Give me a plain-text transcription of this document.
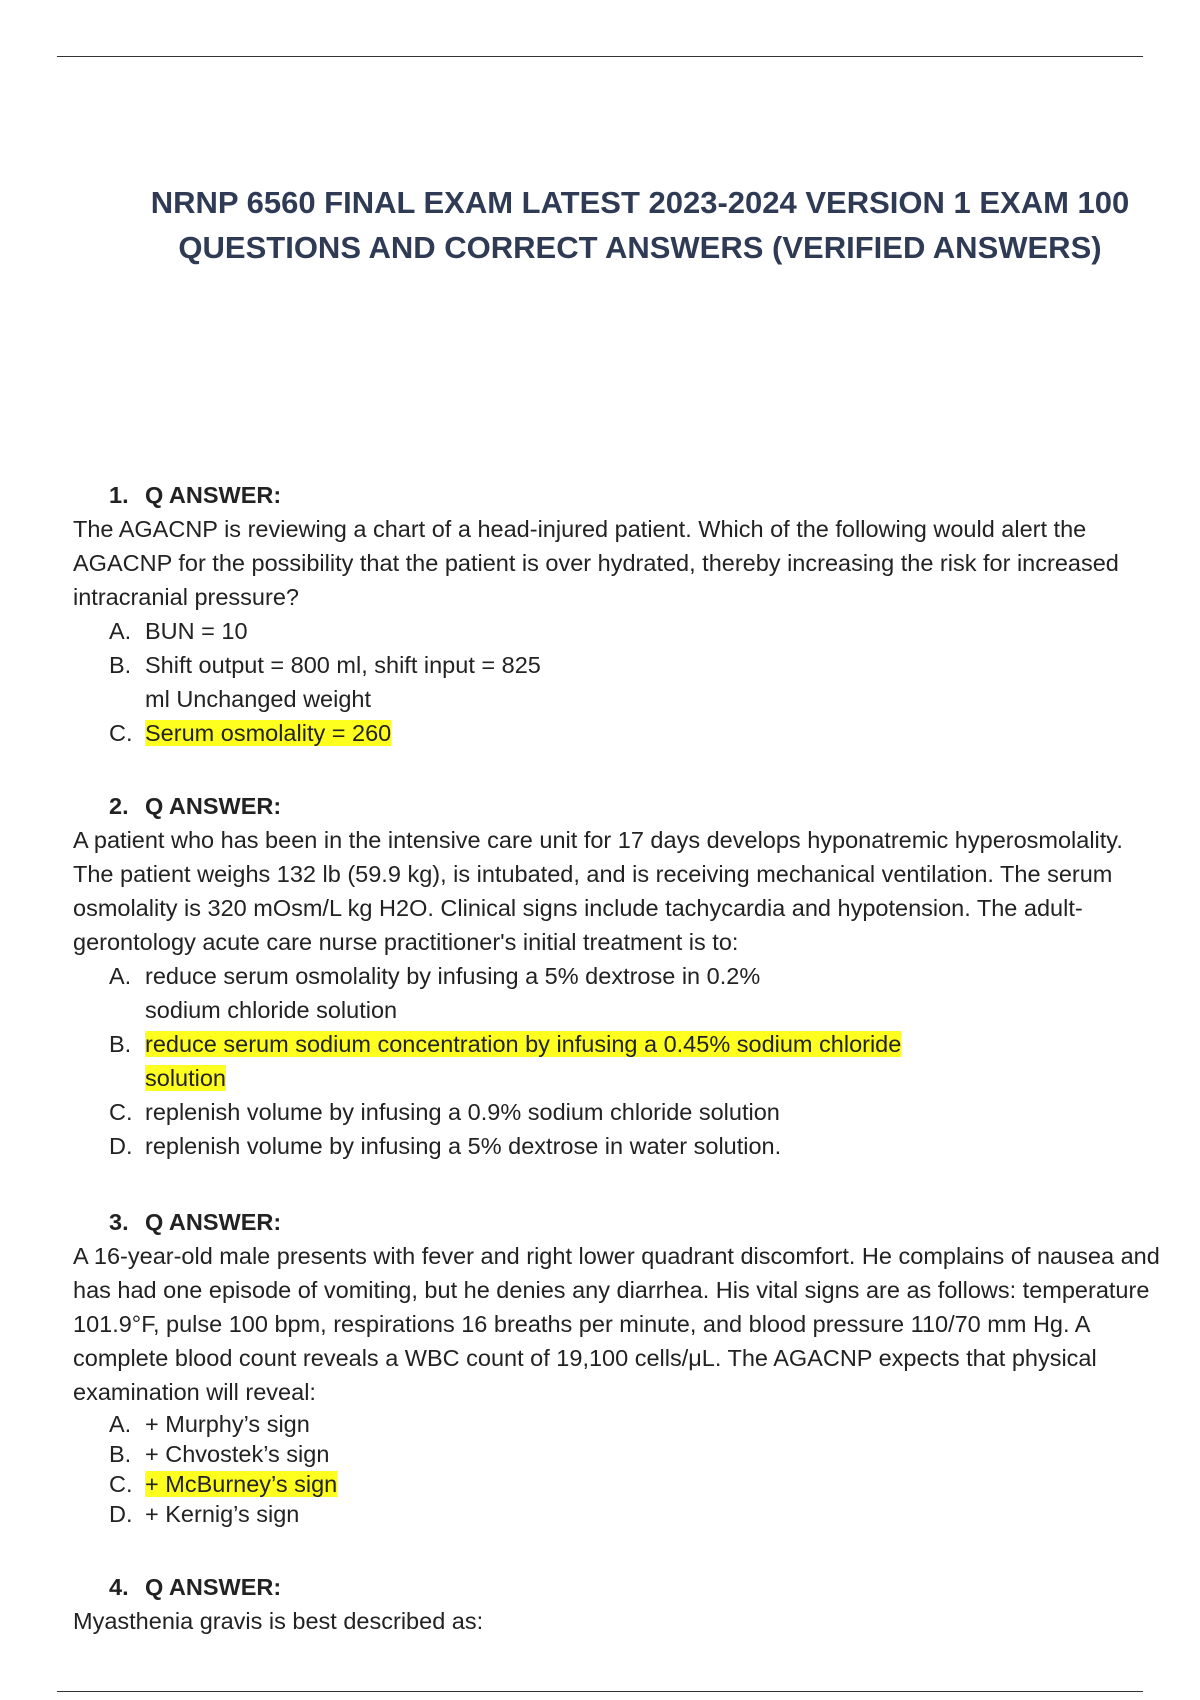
NRNP 6560 FINAL EXAM LATEST 2023-2024 VERSION 1 EXAM 100
QUESTIONS AND CORRECT ANSWERS (VERIFIED ANSWERS)
1. Q ANSWER:

The AGACNP is reviewing a chart of a head-injured patient. Which of the following would alert the AGACNP for the possibility that the patient is over hydrated, thereby increasing the risk for increased intracranial pressure?

A. BUN = 10
B. Shift output = 800 ml, shift input = 825 ml Unchanged weight
C. Serum osmolality = 260
2. Q ANSWER:

A patient who has been in the intensive care unit for 17 days develops hyponatremic hyperosmolality. The patient weighs 132 lb (59.9 kg), is intubated, and is receiving mechanical ventilation. The serum osmolality is 320 mOsm/L kg H2O. Clinical signs include tachycardia and hypotension. The adult-gerontology acute care nurse practitioner's initial treatment is to:

A. reduce serum osmolality by infusing a 5% dextrose in 0.2% sodium chloride solution
B. reduce serum sodium concentration by infusing a 0.45% sodium chloride solution
C. replenish volume by infusing a 0.9% sodium chloride solution
D. replenish volume by infusing a 5% dextrose in water solution.
3. Q ANSWER:

A 16-year-old male presents with fever and right lower quadrant discomfort. He complains of nausea and has had one episode of vomiting, but he denies any diarrhea. His vital signs are as follows: temperature 101.9°F, pulse 100 bpm, respirations 16 breaths per minute, and blood pressure 110/70 mm Hg. A complete blood count reveals a WBC count of 19,100 cells/μL. The AGACNP expects that physical examination will reveal:

A. + Murphy’s sign
B. + Chvostek’s sign
C. + McBurney’s sign
D. + Kernig’s sign
4. Q ANSWER:

Myasthenia gravis is best described as:
